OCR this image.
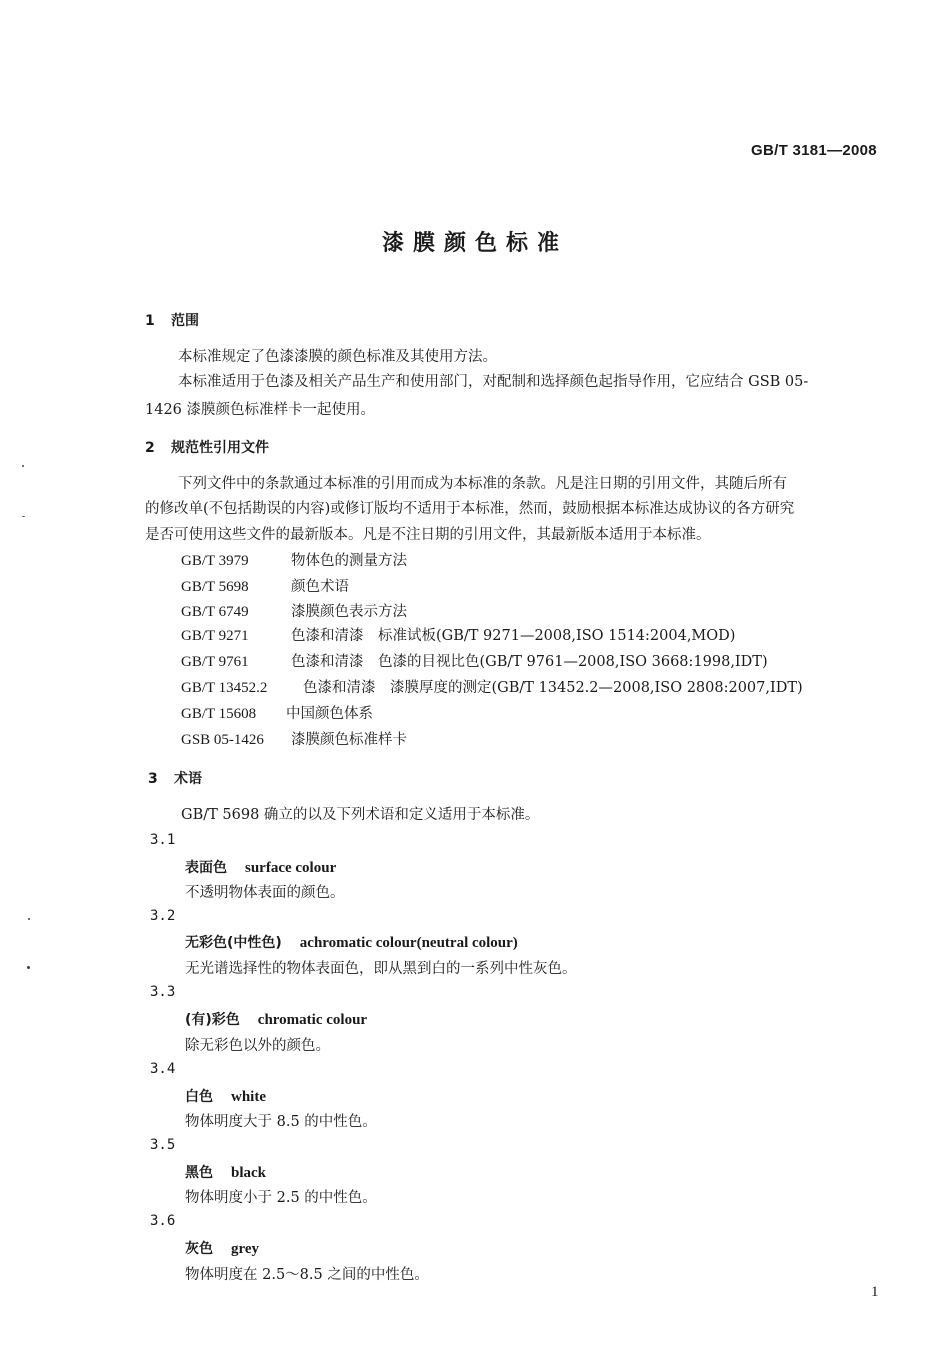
GB/T 3181—2008
漆膜颜色标准
1 范围
本标准规定了色漆漆膜的颜色标准及其使用方法。
本标准适用于色漆及相关产品生产和使用部门，对配制和选择颜色起指导作用，它应结合 GSB 05-
1426 漆膜颜色标准样卡一起使用。
2 规范性引用文件
下列文件中的条款通过本标准的引用而成为本标准的条款。凡是注日期的引用文件，其随后所有
的修改单(不包括勘误的内容)或修订版均不适用于本标准，然而，鼓励根据本标准达成协议的各方研究
是否可使用这些文件的最新版本。凡是不注日期的引用文件，其最新版本适用于本标准。
GB/T 3979	物体色的测量方法
GB/T 5698	颜色术语
GB/T 6749	漆膜颜色表示方法
GB/T 9271	色漆和清漆　标准试板(GB/T 9271—2008,ISO 1514:2004,MOD)
GB/T 9761	色漆和清漆　色漆的目视比色(GB/T 9761—2008,ISO 3668:1998,IDT)
GB/T 13452.2 色漆和清漆　漆膜厚度的测定(GB/T 13452.2—2008,ISO 2808:2007,IDT)
GB/T 15608 中国颜色体系
GSB 05-1426 漆膜颜色标准样卡
3 术语
GB/T 5698 确立的以及下列术语和定义适用于本标准。
3.1
表面色 surface colour
不透明物体表面的颜色。
3.2
无彩色(中性色) achromatic colour(neutral colour)
无光谱选择性的物体表面色，即从黑到白的一系列中性灰色。
3.3
(有)彩色 chromatic colour
除无彩色以外的颜色。
3.4
白色 white
物体明度大于 8.5 的中性色。
3.5
黑色 black
物体明度小于 2.5 的中性色。
3.6
灰色 grey
物体明度在 2.5～8.5 之间的中性色。
1
